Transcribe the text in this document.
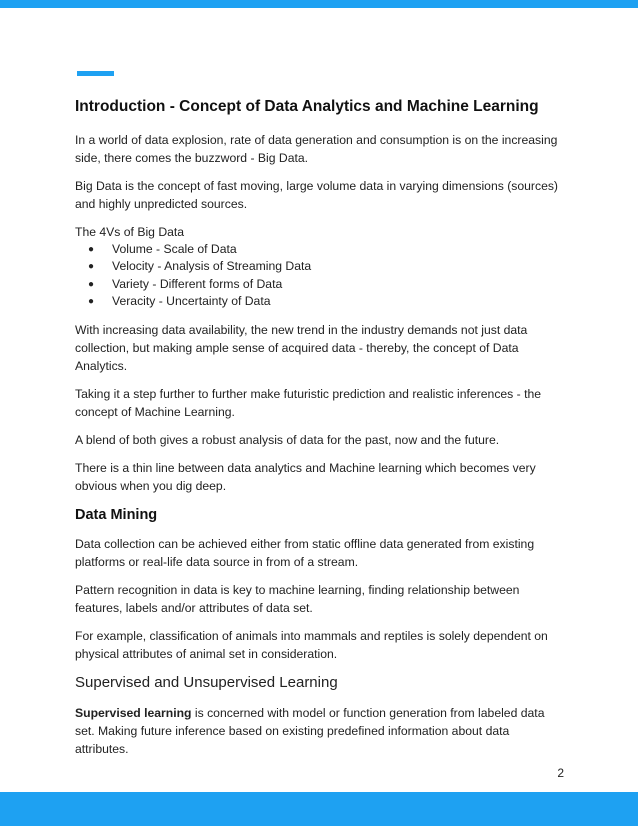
Introduction - Concept of Data Analytics and Machine Learning

In a world of data explosion, rate of data generation and consumption is on the increasing side, there comes the buzzword - Big Data.

Big Data is the concept of fast moving, large volume data in varying dimensions (sources) and highly unpredicted sources.

The 4Vs of Big Data

● Volume - Scale of Data
● Velocity - Analysis of Streaming Data
● Variety - Different forms of Data
● Veracity - Uncertainty of Data

With increasing data availability, the new trend in the industry demands not just data collection, but making ample sense of acquired data - thereby, the concept of Data Analytics.

Taking it a step further to further make futuristic prediction and realistic inferences - the concept of Machine Learning.

A blend of both gives a robust analysis of data for the past, now and the future.

There is a thin line between data analytics and Machine learning which becomes very obvious when you dig deep.

Data Mining

Data collection can be achieved either from static offline data generated from existing platforms or real-life data source in from of a stream.

Pattern recognition in data is key to machine learning, finding relationship between features, labels and/or attributes of data set.

For example, classification of animals into mammals and reptiles is solely dependent on physical attributes of animal set in consideration.

Supervised and Unsupervised Learning

Supervised learning is concerned with model or function generation from labeled data set. Making future inference based on existing predefined information about data attributes.

2
